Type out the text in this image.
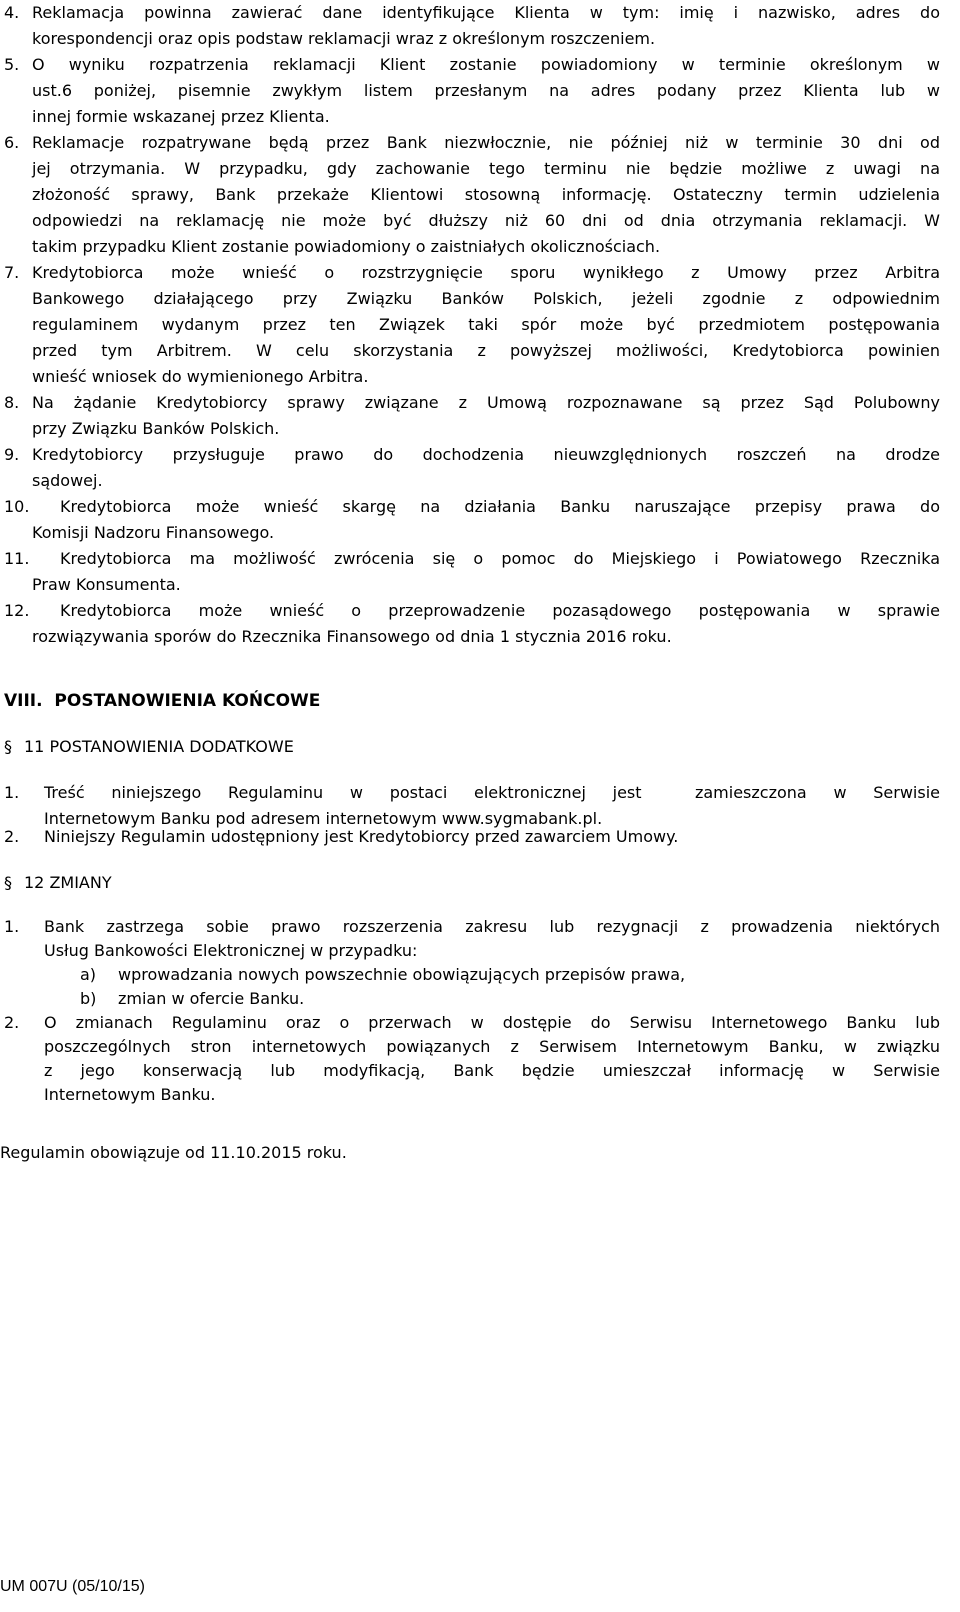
4. Reklamacja powinna zawierać dane identyfikujące Klienta w tym: imię i nazwisko, adres do
korespondencji oraz opis podstaw reklamacji wraz z określonym roszczeniem.
5. O wyniku rozpatrzenia reklamacji Klient zostanie powiadomiony w terminie określonym w
ust.6 poniżej, pisemnie zwykłym listem przesłanym na adres podany przez Klienta lub w
innej formie wskazanej przez Klienta.
6. Reklamacje rozpatrywane będą przez Bank niezwłocznie, nie później niż w terminie 30 dni od
jej otrzymania. W przypadku, gdy zachowanie tego terminu nie będzie możliwe z uwagi na
złożoność sprawy, Bank przekaże Klientowi stosowną informację. Ostateczny termin udzielenia
odpowiedzi na reklamację nie może być dłuższy niż 60 dni od dnia otrzymania reklamacji. W
takim przypadku Klient zostanie powiadomiony o zaistniałych okolicznościach.
7. Kredytobiorca może wnieść o rozstrzygnięcie sporu wynikłego z Umowy przez Arbitra
Bankowego działającego przy Związku Banków Polskich, jeżeli zgodnie z odpowiednim
regulaminem wydanym przez ten Związek taki spór może być przedmiotem postępowania
przed tym Arbitrem. W celu skorzystania z powyższej możliwości, Kredytobiorca powinien
wnieść wniosek do wymienionego Arbitra.
8. Na żądanie Kredytobiorcy sprawy związane z Umową rozpoznawane są przez Sąd Polubowny
przy Związku Banków Polskich.
9. Kredytobiorcy przysługuje prawo do dochodzenia nieuwzględnionych roszczeń na drodze
sądowej.
10. Kredytobiorca może wnieść skargę na działania Banku naruszające przepisy prawa do
Komisji Nadzoru Finansowego.
11. Kredytobiorca ma możliwość zwrócenia się o pomoc do Miejskiego i Powiatowego Rzecznika
Praw Konsumenta.
12. Kredytobiorca może wnieść o przeprowadzenie pozasądowego postępowania w sprawie
rozwiązywania sporów do Rzecznika Finansowego od dnia 1 stycznia 2016 roku.
VIII.  POSTANOWIENIA KOŃCOWE
§ 11 POSTANOWIENIA DODATKOWE
1. Treść niniejszego Regulaminu w postaci elektronicznej jest  zamieszczona w Serwisie
Internetowym Banku pod adresem internetowym www.sygmabank.pl.
2. Niniejszy Regulamin udostępniony jest Kredytobiorcy przed zawarciem Umowy.
§ 12 ZMIANY
1. Bank zastrzega sobie prawo rozszerzenia zakresu lub rezygnacji z prowadzenia niektórych
Usług Bankowości Elektronicznej w przypadku:
a) wprowadzania nowych powszechnie obowiązujących przepisów prawa,
b) zmian w ofercie Banku.
2. O zmianach Regulaminu oraz o przerwach w dostępie do Serwisu Internetowego Banku lub
poszczególnych stron internetowych powiązanych z Serwisem Internetowym Banku, w związku
z jego konserwacją lub modyfikacją, Bank będzie umieszczał informację w Serwisie
Internetowym Banku.
Regulamin obowiązuje od 11.10.2015 roku.
UM 007U (05/10/15)
